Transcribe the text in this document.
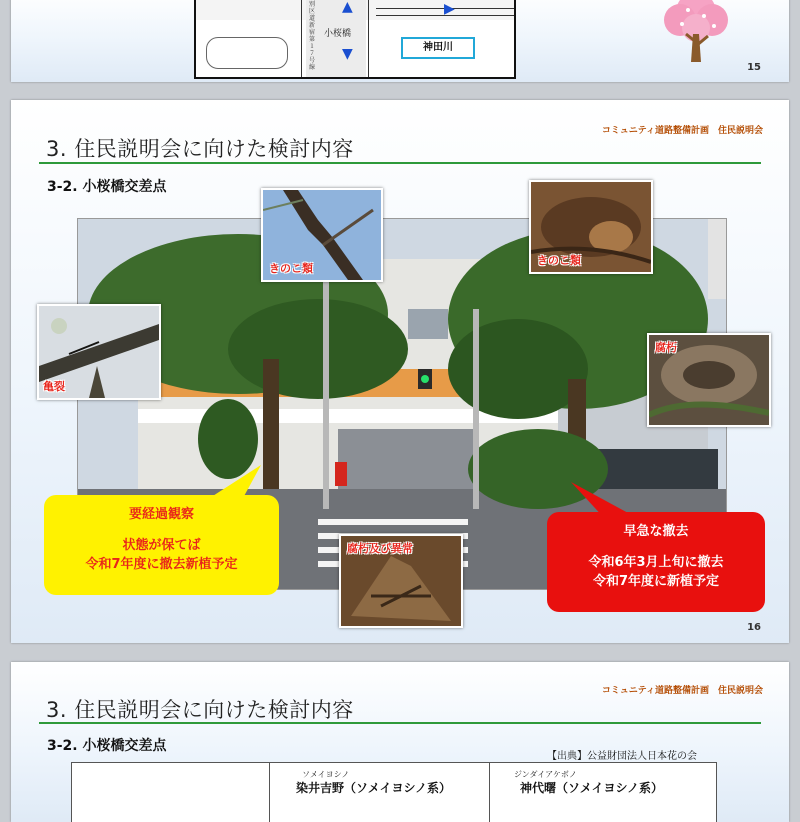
別区道新宿第１７号線
小桜橋
▲
▼
▶
神田川
15
コミュニティ道路整備計画　住民説明会
3. 住民説明会に向けた検討内容
3-2. 小桜橋交差点
きのこ類
きのこ類
亀裂
腐朽
腐朽及び異常
要経過観察
状態が保てば
令和7年度に撤去新植予定
早急な撤去
令和6年3月上旬に撤去
令和7年度に新植予定
16
コミュニティ道路整備計画　住民説明会
3. 住民説明会に向けた検討内容
3-2. 小桜橋交差点
【出典】公益財団法人日本花の会
ソメイヨシノ
染井吉野（ソメイヨシノ系）
ジンダイアケボノ
神代曙（ソメイヨシノ系）
